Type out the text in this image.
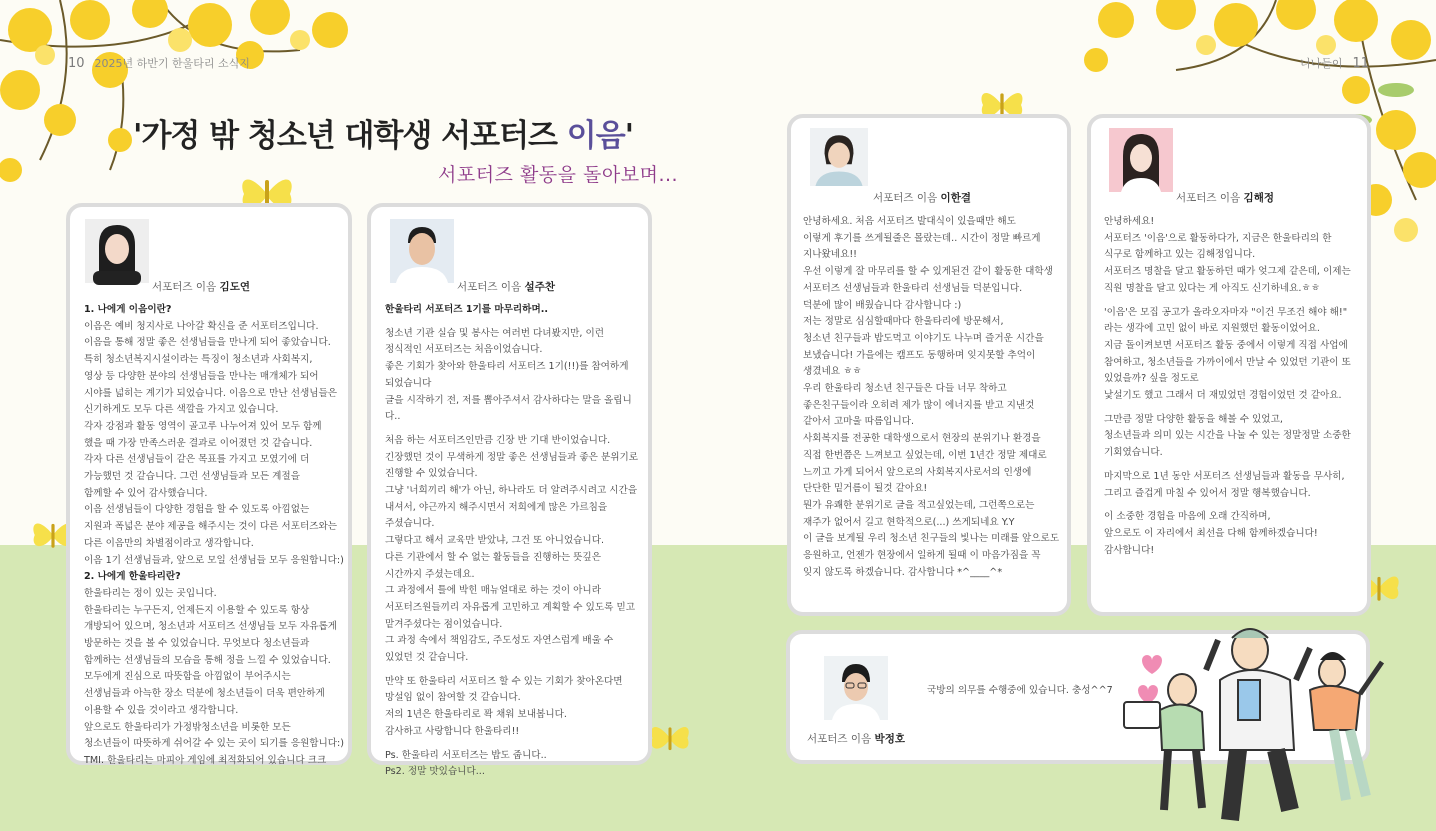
10 2025년 하반기 한울타리 소식지	너나들이 11
'가정 밖 청소년 대학생 서포터즈 이음'
서포터즈 활동을 돌아보며...
서포터즈 이음 김도연

1. 나에게 이음이란?

이음은 예비 청지사로 나아갈 확신을 준 서포터즈입니다.

이음을 통해 정말 좋은 선생님들을 만나게 되어 좋았습니다.

특히 청소년복지시설이라는 특징이 청소년과 사회복지,

영상 등 다양한 분야의 선생님들을 만나는 매개체가 되어

시야를 넓히는 계기가 되었습니다. 이음으로 만난 선생님들은

신기하게도 모두 다른 색깔을 가지고 있습니다.

각자 강점과 활동 영역이 골고루 나누어져 있어 모두 함께

했을 때 가장 만족스러운 결과로 이어졌던 것 같습니다.

각자 다른 선생님들이 같은 목표를 가지고 모였기에 더

가능했던 것 같습니다. 그런 선생님들과 모든 계절을

함께할 수 있어 감사했습니다.

이음 선생님들이 다양한 경험을 할 수 있도록 아낌없는

지원과 폭넓은 분야 제공을 해주시는 것이 다른 서포터즈와는

다른 이음만의 차별점이라고 생각합니다.

이음 1기 선생님들과, 앞으로 모일 선생님들 모두 응원합니다:)

2. 나에게 한울타리란?

한울타리는 정이 있는 곳입니다.

한울타리는 누구든지, 언제든지 이용할 수 있도록 항상

개방되어 있으며, 청소년과 서포터즈 선생님들 모두 자유롭게

방문하는 것을 볼 수 있었습니다. 무엇보다 청소년들과

함께하는 선생님들의 모습을 통해 정을 느낄 수 있었습니다.

모두에게 진심으로 따뜻함을 아낌없이 부어주시는

선생님들과 아늑한 장소 덕분에 청소년들이 더욱 편안하게

이용할 수 있을 것이라고 생각합니다.

앞으로도 한울타리가 가정밖청소년을 비롯한 모든

청소년들이 따뜻하게 쉬어갈 수 있는 곳이 되기를 응원합니다:)

TMI. 한울타리는 마피아 게임에 최적화되어 있습니다 크크

서포터즈 이음 설주찬

한울타리 서포터즈 1기를 마무리하며..

청소년 기관 실습 및 봉사는 여러번 다녀봤지만, 이런

정식적인 서포터즈는 처음이었습니다.

좋은 기회가 찾아와 한울타리 서포터즈 1기(!!)를 참여하게

되었습니다

글을 시작하기 전, 저를 뽑아주셔서 감사하다는 말을 올립니다..

처음 하는 서포터즈인만큼 긴장 반 기대 반이었습니다.

긴장했던 것이 무색하게 정말 좋은 선생님들과 좋은 분위기로

진행할 수 있었습니다.

그냥 '너희끼리 해'가 아닌, 하나라도 더 알려주시려고 시간을

내셔서, 야근까지 해주시면서 저희에게 많은 가르침을

주셨습니다.

그렇다고 해서 교육만 받았냐, 그건 또 아니었습니다.

다른 기관에서 할 수 없는 활동들을 진행하는 뜻깊은

시간까지 주셨는데요.

그 과정에서 틀에 박힌 매뉴얼대로 하는 것이 아니라

서포터즈원들끼리 자유롭게 고민하고 계획할 수 있도록 믿고

맡겨주셨다는 점이었습니다.

그 과정 속에서 책임감도, 주도성도 자연스럽게 배울 수

있었던 것 같습니다.

만약 또 한울타리 서포터즈 할 수 있는 기회가 찾아온다면

망설임 없이 참여할 것 같습니다.

저의 1년은 한울타리로 꽉 채워 보내봅니다.

감사하고 사랑합니다 한울타리!!

Ps. 한울타리 서포터즈는 밥도 줍니다..

Ps2. 정말 맛있습니다...

서포터즈 이음 이한결

안녕하세요. 처음 서포터즈 발대식이 있을때만 해도

이렇게 후기를 쓰게될줄은 몰랐는데.. 시간이 정말 빠르게

지나왔네요!!

우선 이렇게 잘 마무리를 할 수 있게된건 같이 활동한 대학생

서포터즈 선생님들과 한울타리 선생님들 덕분입니다.

덕분에 많이 배웠습니다 감사합니다 :)

저는 정말로 심심할때마다 한울타리에 방문해서,

청소년 친구들과 밥도먹고 이야기도 나누며 즐거운 시간을

보냈습니다! 가을에는 캠프도 동행하며 잊지못할 추억이

생겼네요 ㅎㅎ

우리 한울타리 청소년 친구들은 다들 너무 착하고

좋은친구들이라 오히려 제가 많이 에너지를 받고 지낸것

같아서 고마울 따름입니다.

사회복지를 전공한 대학생으로서 현장의 분위기나 환경을

직접 한번쯤은 느껴보고 싶었는데, 이번 1년간 정말 제대로

느끼고 가게 되어서 앞으로의 사회복지사로서의 인생에

단단한 밑거름이 될것 같아요!

뭔가 유쾌한 분위기로 글을 적고싶었는데, 그런쪽으로는

재주가 없어서 길고 현학적으로(...) 쓰게되네요 Y.Y

이 글을 보게될 우리 청소년 친구들의 빛나는 미래를 앞으로도

응원하고, 언젠가 현장에서 일하게 될때 이 마음가짐을 꼭

잊지 않도록 하겠습니다. 감사합니다 *^____^*

서포터즈 이음 김해정

안녕하세요!

서포터즈 '이음'으로 활동하다가, 지금은 한울타리의 한

식구로 함께하고 있는 김해정입니다.

서포터즈 명찰을 달고 활동하던 때가 엊그제 같은데, 이제는

직원 명찰을 달고 있다는 게 아직도 신기하네요.ㅎㅎ

'이음'은 모집 공고가 올라오자마자 "이건 무조건 해야 해!"

라는 생각에 고민 없이 바로 지원했던 활동이었어요.

지금 돌이켜보면 서포터즈 활동 중에서 이렇게 직접 사업에

참여하고, 청소년들을 가까이에서 만날 수 있었던 기관이 또

있었을까? 싶을 정도로

낯설기도 했고 그래서 더 재밌었던 경험이었던 것 같아요.

그만큼 정말 다양한 활동을 해볼 수 있었고,

청소년들과 의미 있는 시간을 나눌 수 있는 정말정말 소중한

기회였습니다.

마지막으로 1년 동안 서포터즈 선생님들과 활동을 무사히,

그리고 즐겁게 마칠 수 있어서 정말 행복했습니다.

이 소중한 경험을 마음에 오래 간직하며,

앞으로도 이 자리에서 최선을 다해 함께하겠습니다!

감사합니다!

서포터즈 이음 박정호

국방의 의무를 수행중에 있습니다. 충성^^7
